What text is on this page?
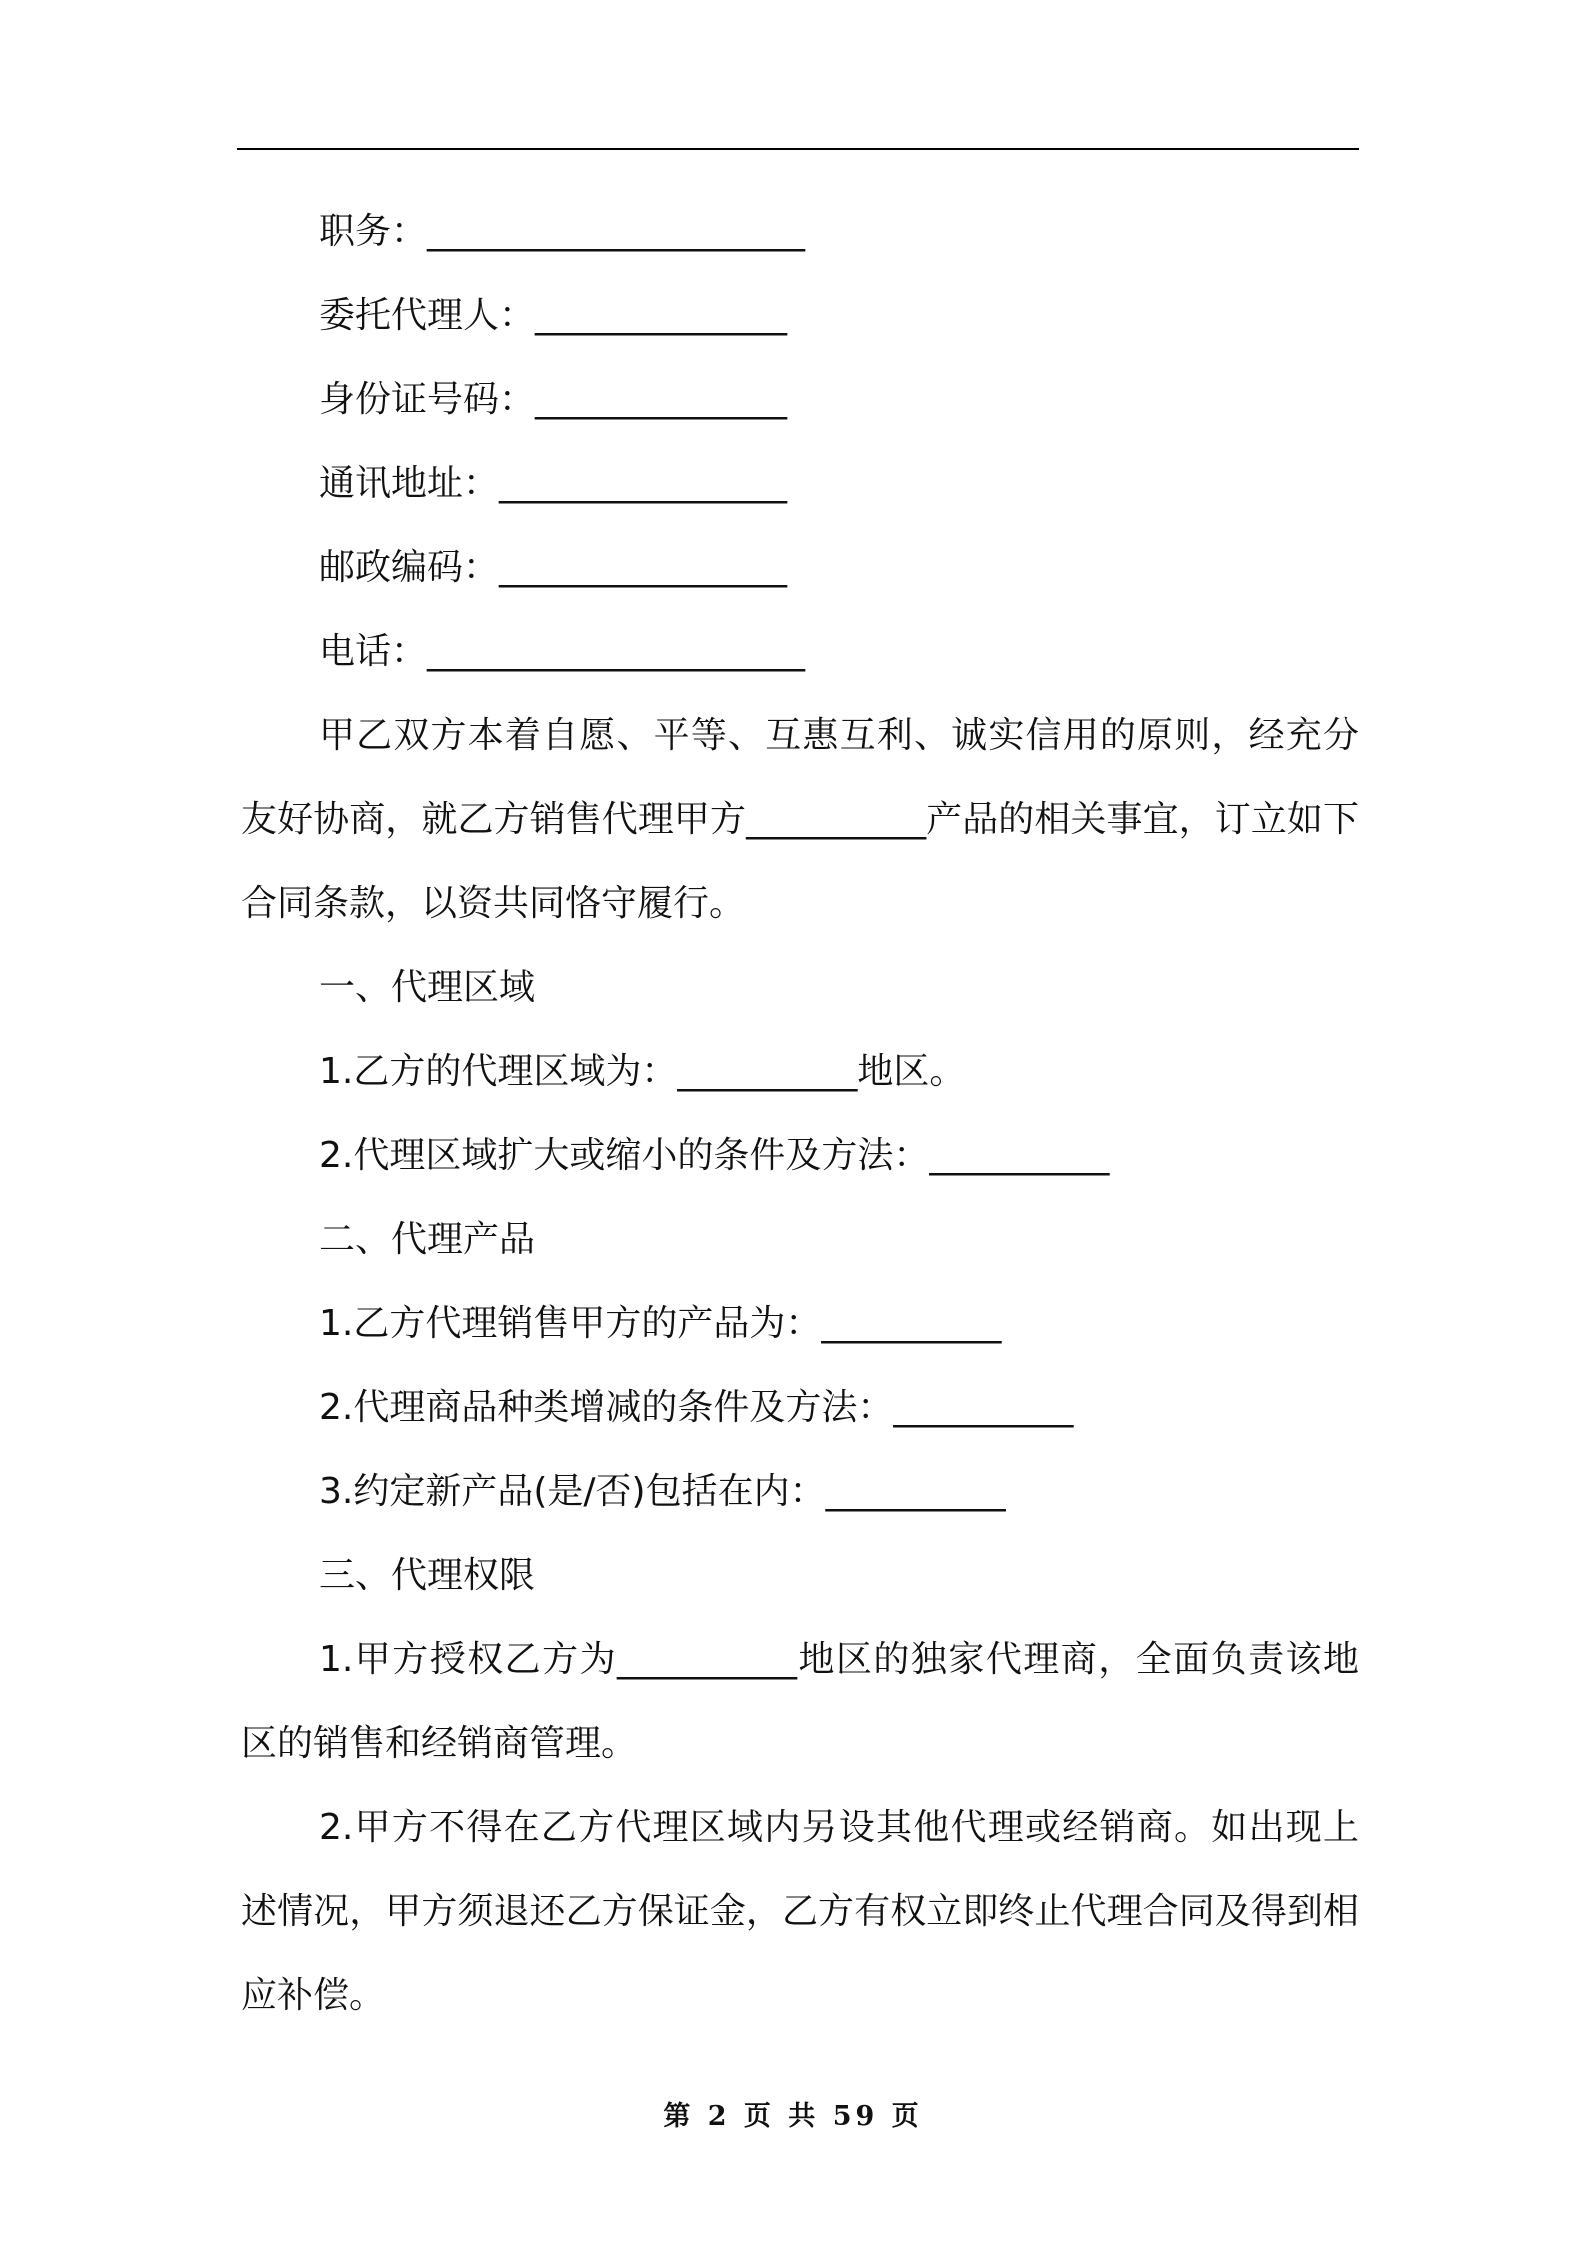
职务：_____________________
委托代理人：______________
身份证号码：______________
通讯地址：________________
邮政编码：________________
电话：_____________________
甲乙双方本着自愿、平等、互惠互利、诚实信用的原则，经充分友好协商，就乙方销售代理甲方__________产品的相关事宜，订立如下合同条款，以资共同恪守履行。
一、代理区域
1.乙方的代理区域为：__________地区。
2.代理区域扩大或缩小的条件及方法：__________
二、代理产品
1.乙方代理销售甲方的产品为：__________
2.代理商品种类增减的条件及方法：__________
3.约定新产品(是/否)包括在内：__________
三、代理权限
1.甲方授权乙方为__________地区的独家代理商，全面负责该地区的销售和经销商管理。
2.甲方不得在乙方代理区域内另设其他代理或经销商。如出现上述情况，甲方须退还乙方保证金，乙方有权立即终止代理合同及得到相应补偿。
第 2 页 共 59 页
